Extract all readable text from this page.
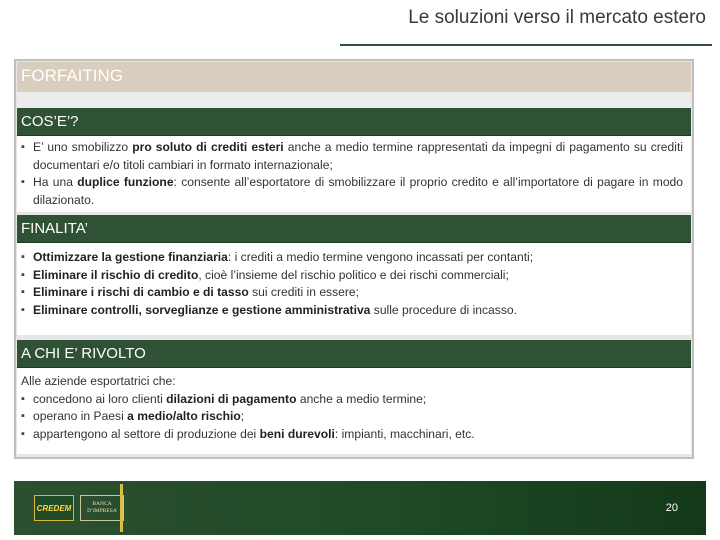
Le soluzioni verso il mercato estero
FORFAITING
COS’E’?
▪ E’ uno smobilizzo pro soluto di crediti esteri anche a medio termine rappresentati da impegni di pagamento su crediti documentari e/o titoli cambiari in formato internazionale;
▪ Ha una duplice funzione: consente all’esportatore di smobilizzare il proprio credito e all’importatore di pagare in modo dilazionato.
FINALITA’
▪ Ottimizzare la gestione finanziaria: i crediti a medio termine vengono incassati per contanti;
▪ Eliminare il rischio di credito, cioè l’insieme del rischio politico e dei rischi commerciali;
▪ Eliminare i rischi di cambio e di tasso sui crediti in essere;
▪ Eliminare controlli, sorveglianze e gestione amministrativa sulle procedure di incasso.
A CHI E’ RIVOLTO
Alle aziende esportatrici che:
▪ concedono ai loro clienti dilazioni di pagamento anche a medio termine;
▪ operano in Paesi a medio/alto rischio;
▪ appartengono al settore di produzione dei beni durevoli: impianti, macchinari, etc.
CREDEM	BANCA
D’IMPRESA	20
